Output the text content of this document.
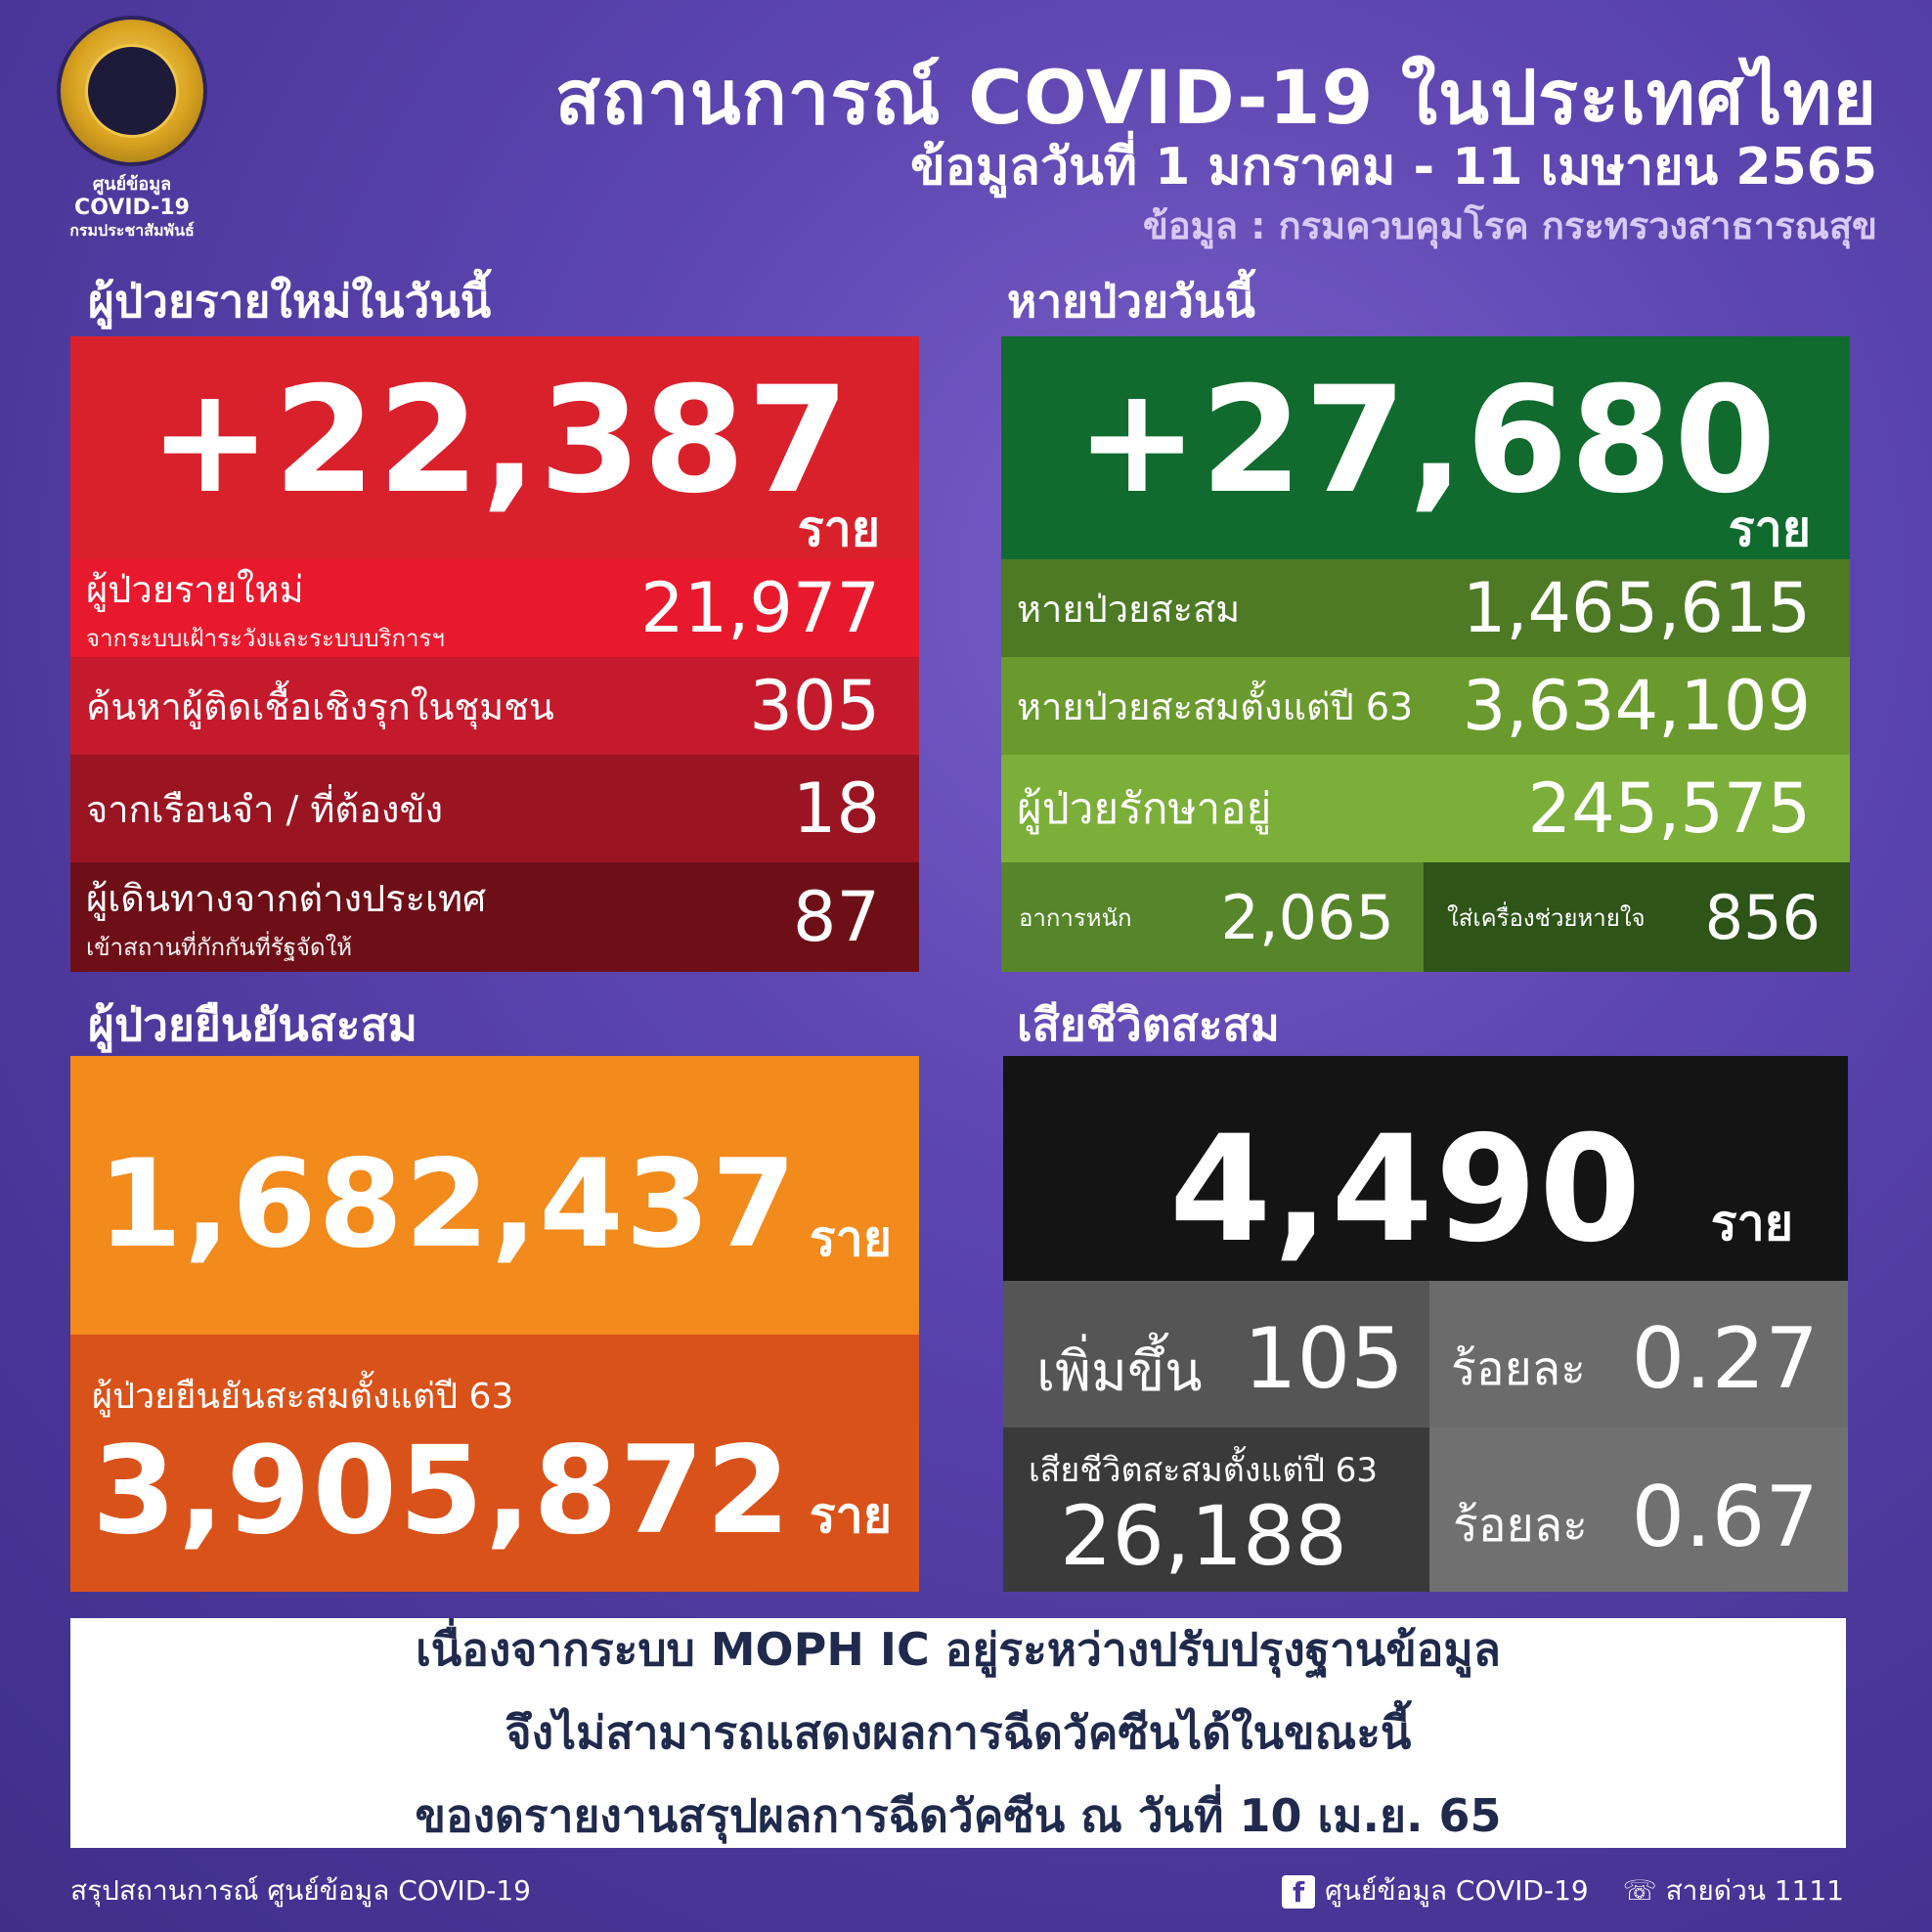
ศูนย์ข้อมูล
COVID-19
กรมประชาสัมพันธ์
สถานการณ์ COVID-19 ในประเทศไทย
ข้อมูลวันที่ 1 มกราคม - 11 เมษายน 2565
ข้อมูล : กรมควบคุมโรค กระทรวงสาธารณสุข
ผู้ป่วยรายใหม่ในวันนี้
+22,387
ราย
ผู้ป่วยรายใหม่
จากระบบเฝ้าระวังและระบบบริการฯ	21,977
ค้นหาผู้ติดเชื้อเชิงรุกในชุมชน	305
จากเรือนจำ / ที่ต้องขัง	18
ผู้เดินทางจากต่างประเทศ
เข้าสถานที่กักกันที่รัฐจัดให้	87
หายป่วยวันนี้
+27,680
ราย
หายป่วยสะสม	1,465,615
หายป่วยสะสมตั้งแต่ปี 63 3,634,109
ผู้ป่วยรักษาอยู่	245,575
อาการหนัก 2,065 ใส่เครื่องช่วยหายใจ 856
ผู้ป่วยยืนยันสะสม
1,682,437 ราย
ผู้ป่วยยืนยันสะสมตั้งแต่ปี 63
3,905,872 ราย
เสียชีวิตสะสม
4,490 ราย
เพิ่มขึ้น 105 ร้อยละ 0.27
เสียชีวิตสะสมตั้งแต่ปี 63
26,188 ร้อยละ 0.67
เนื่องจากระบบ MOPH IC อยู่ระหว่างปรับปรุงฐานข้อมูล
จึงไม่สามารถแสดงผลการฉีดวัคซีนได้ในขณะนี้
ของดรายงานสรุปผลการฉีดวัคซีน ณ วันที่ 10 เม.ย. 65
สรุปสถานการณ์ ศูนย์ข้อมูล COVID-19	f ศูนย์ข้อมูล COVID-19 ☏ สายด่วน 1111
